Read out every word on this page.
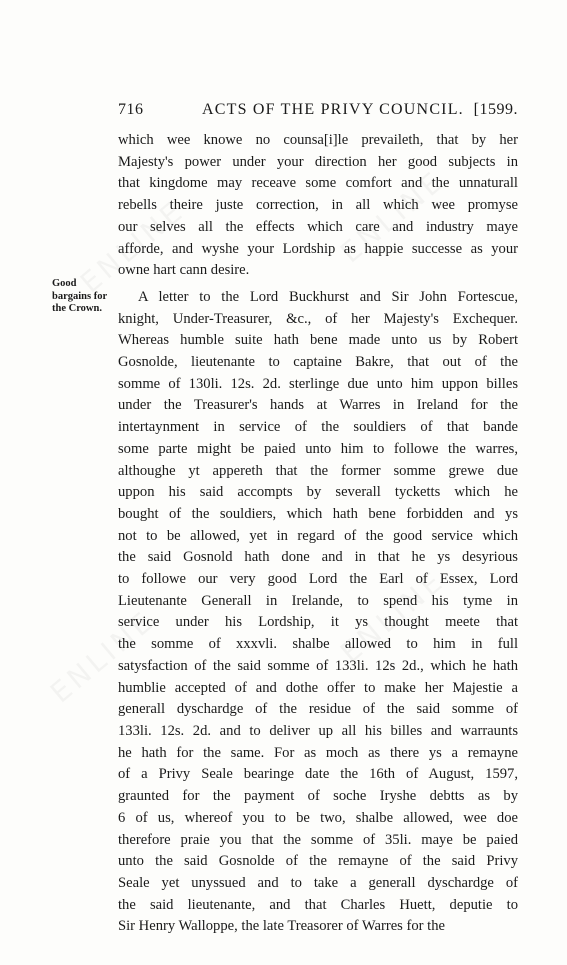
716	ACTS OF THE PRIVY COUNCIL. [1599.
Good
bargains for
the Crown.
which wee knowe no counsa[i]le prevaileth, that by her
Majesty's power under your direction her good subjects in
that kingdome may receave some comfort and the unnaturall
rebells theire juste correction, in all which wee promyse
our selves all the effects which care and industry maye
afforde, and wyshe your Lordship as happie successe as your
owne hart cann desire.
A letter to the Lord Buckhurst and Sir John Fortescue,
knight, Under-Treasurer, &c., of her Majesty's Exchequer.
Whereas humble suite hath bene made unto us by Robert
Gosnolde, lieutenante to captaine Bakre, that out of the
somme of 130li. 12s. 2d. sterlinge due unto him uppon billes
under the Treasurer's hands at Warres in Ireland for the
intertaynment in service of the souldiers of that bande
some parte might be paied unto him to followe the warres,
althoughe yt appereth that the former somme grewe due
uppon his said accompts by severall tycketts which he
bought of the souldiers, which hath bene forbidden and ys
not to be allowed, yet in regard of the good service which
the said Gosnold hath done and in that he ys desyrious
to followe our very good Lord the Earl of Essex, Lord
Lieutenante Generall in Irelande, to spend his tyme in
service under his Lordship, it ys thought meete that
the somme of xxxvli. shalbe allowed to him in full
satysfaction of the said somme of 133li. 12s 2d., which he hath
humblie accepted of and dothe offer to make her Majestie a
generall dyschardge of the residue of the said somme of
133li. 12s. 2d. and to deliver up all his billes and warraunts
he hath for the same. For as moch as there ys a remayne
of a Privy Seale bearinge date the 16th of August, 1597,
graunted for the payment of soche Iryshe debtts as by
6 of us, whereof you to be two, shalbe allowed, wee doe
therefore praie you that the somme of 35li. maye be paied
unto the said Gosnolde of the remayne of the said Privy
Seale yet unyssued and to take a generall dyschardge of
the said lieutenante, and that Charles Huett, deputie to
Sir Henry Walloppe, the late Treasorer of Warres for the
